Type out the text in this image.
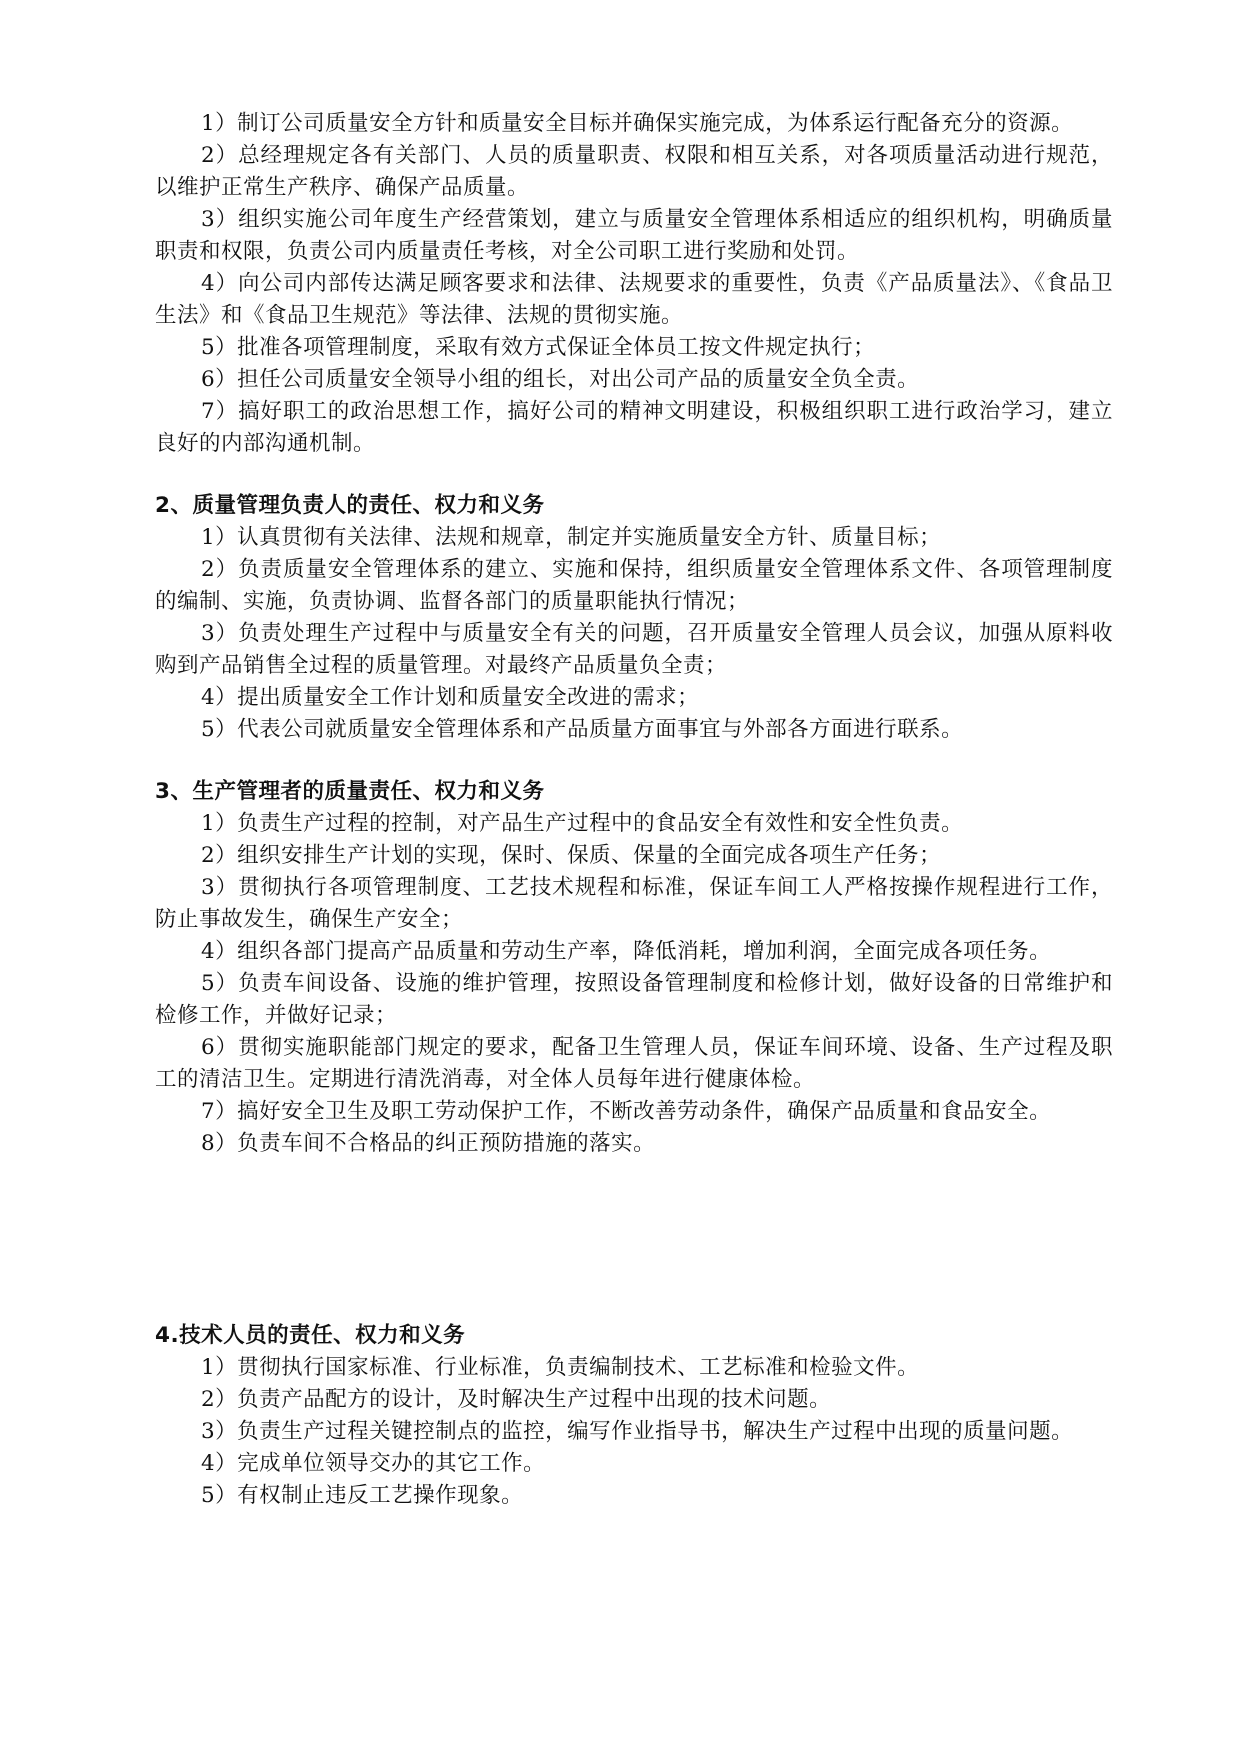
1）制订公司质量安全方针和质量安全目标并确保实施完成，为体系运行配备充分的资源。

2）总经理规定各有关部门、人员的质量职责、权限和相互关系，对各项质量活动进行规范，以维护正常生产秩序、确保产品质量。

3）组织实施公司年度生产经营策划，建立与质量安全管理体系相适应的组织机构，明确质量职责和权限，负责公司内质量责任考核，对全公司职工进行奖励和处罚。

4）向公司内部传达满足顾客要求和法律、法规要求的重要性，负责《产品质量法》、《食品卫生法》和《食品卫生规范》等法律、法规的贯彻实施。

5）批准各项管理制度，采取有效方式保证全体员工按文件规定执行；

6）担任公司质量安全领导小组的组长，对出公司产品的质量安全负全责。

7）搞好职工的政治思想工作，搞好公司的精神文明建设，积极组织职工进行政治学习，建立良好的内部沟通机制。

2、质量管理负责人的责任、权力和义务

1）认真贯彻有关法律、法规和规章，制定并实施质量安全方针、质量目标；

2）负责质量安全管理体系的建立、实施和保持，组织质量安全管理体系文件、各项管理制度的编制、实施，负责协调、监督各部门的质量职能执行情况；

3）负责处理生产过程中与质量安全有关的问题，召开质量安全管理人员会议，加强从原料收购到产品销售全过程的质量管理。对最终产品质量负全责；

4）提出质量安全工作计划和质量安全改进的需求；

5）代表公司就质量安全管理体系和产品质量方面事宜与外部各方面进行联系。

3、生产管理者的质量责任、权力和义务

1）负责生产过程的控制，对产品生产过程中的食品安全有效性和安全性负责。

2）组织安排生产计划的实现，保时、保质、保量的全面完成各项生产任务；

3）贯彻执行各项管理制度、工艺技术规程和标准，保证车间工人严格按操作规程进行工作，防止事故发生，确保生产安全；

4）组织各部门提高产品质量和劳动生产率，降低消耗，增加利润，全面完成各项任务。

5）负责车间设备、设施的维护管理，按照设备管理制度和检修计划，做好设备的日常维护和检修工作，并做好记录；

6）贯彻实施职能部门规定的要求，配备卫生管理人员，保证车间环境、设备、生产过程及职工的清洁卫生。定期进行清洗消毒，对全体人员每年进行健康体检。

7）搞好安全卫生及职工劳动保护工作，不断改善劳动条件，确保产品质量和食品安全。

8）负责车间不合格品的纠正预防措施的落实。

4.技术人员的责任、权力和义务

1）贯彻执行国家标准、行业标准，负责编制技术、工艺标准和检验文件。

2）负责产品配方的设计，及时解决生产过程中出现的技术问题。

3）负责生产过程关键控制点的监控，编写作业指导书，解决生产过程中出现的质量问题。

4）完成单位领导交办的其它工作。

5）有权制止违反工艺操作现象。
